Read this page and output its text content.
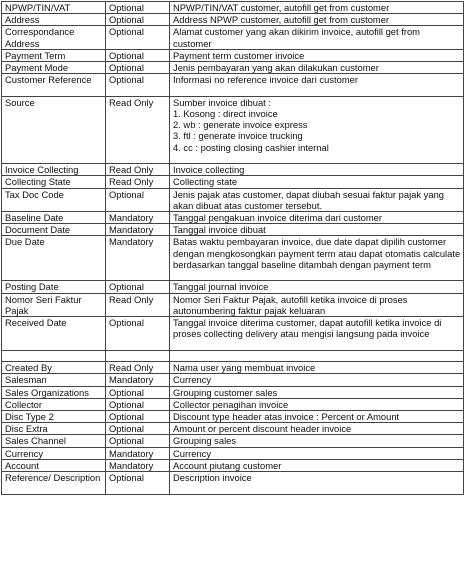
NPWP/TIN/VAT	Optional	NPWP/TIN/VAT customer, autofill get from customer

Address	Optional	Address NPWP customer, autofill get from customer

Correspondance Address	Optional	Alamat customer yang akan dikirim invoice, autofill get from customer

Payment Term	Optional	Payment term customer invoice

Payment Mode	Optional	Jenis pembayaran yang akan dilakukan customer

Customer Reference	Optional	Informasi no reference invoice dari customer

Source	Read Only	Sumber invoice dibuat :
1. Kosong : direct invoice
2. wb : generate invoice express
3. ftl : generate invoice trucking
4. cc : posting closing cashier internal

Invoice Collecting	Read Only	Invoice collecting

Collecting State	Read Only	Collecting state

Tax Doc Code	Optional	Jenis pajak atas customer, dapat diubah sesuai faktur pajak yang akan dibuat atas customer tersebut.

Baseline Date	Mandatory	Tanggal pengakuan invoice diterima dari customer

Document Date	Mandatory	Tanggal invoice dibuat

Due Date	Mandatory	Batas waktu pembayaran invoice, due date dapat dipilih customer dengan mengkosongkan payment term atau dapat otomatis calculate berdasarkan tanggal baseline ditambah dengan payment term

Posting Date	Optional	Tanggal journal invoice

Nomor Seri Faktur Pajak	Read Only	Nomor Seri Faktur Pajak, autofill ketika invoice di proses autonumbering faktur pajak keluaran

Received Date	Optional	Tanggal invoice diterima customer, dapat autofill ketika invoice di proses collecting delivery atau mengisi langsung pada invoice

Created By	Read Only	Nama user yang membuat invoice

Salesman	Mandatory	Currency

Sales Organizations	Optional	Grouping customer sales

Collector	Optional	Collector penagihan invoice

Disc Type 2	Optional	Discount type header atas invoice : Percent or Amount

Disc Extra	Optional	Amount or percent discount header invoice

Sales Channel	Optional	Grouping sales

Currency	Mandatory	Currency

Account	Mandatory	Account piutang customer

Reference/ Description	Optional	Description invoice
